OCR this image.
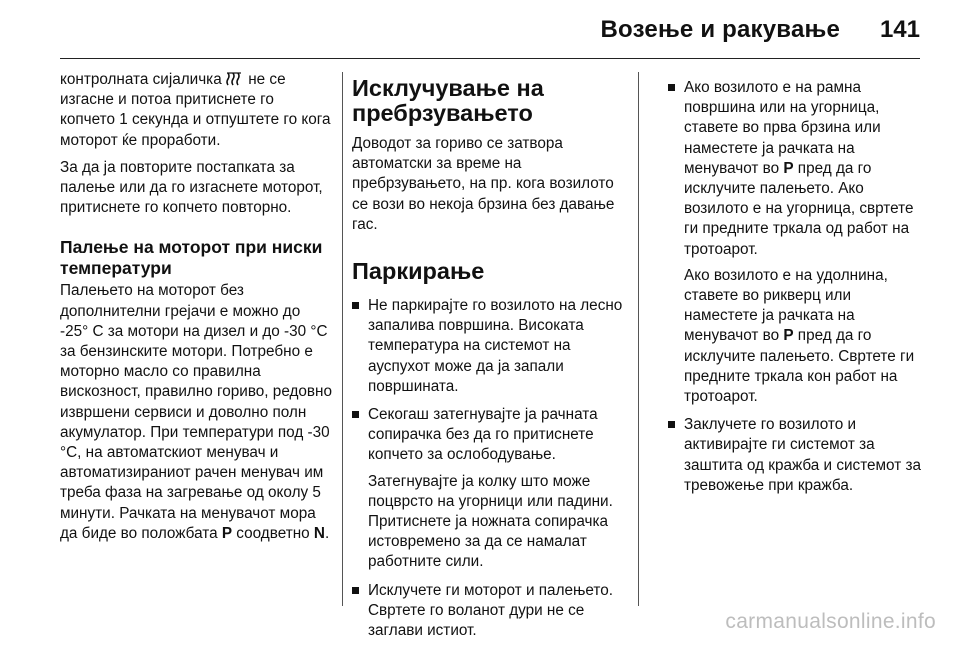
Возење и ракување 141

контролната сијаличка  не се изгасне и потоа притиснете го копчето 1 секунда и отпуштете го кога моторот ќе проработи.

За да ја повторите постапката за палење или да го изгаснете моторот, притиснете го копчето повторно.

Палење на моторот при ниски температури

Палењето на моторот без дополнителни грејачи е можно до -25° C за мотори на дизел и до -30 °C за бензинските мотори. Потребно е моторно масло со правилна вискозност, правилно гориво, редовно извршени сервиси и доволно полн акумулатор. При температури под -30 °C, на автоматскиот менувач и автоматизираниот рачен менувач им треба фаза на загревање од околу 5 минути. Рачката на менувачот мора да биде во положбата P соодветно N.

Исклучување на пребрзувањето

Доводот за гориво се затвора автоматски за време на пребрзувањето, на пр. кога возилото се вози во некоја брзина без давање гас.

Паркирање

Не паркирајте го возилото на лесно запалива површина. Високата температура на системот на ауспухот може да ја запали површината.

Секогаш затегнувајте ја рачната сопирачка без да го притиснете копчето за ослободување.

Затегнувајте ја колку што може поцврсто на угорници или падини. Притиснете ја ножната сопирачка истовремено за да се намалат работните сили.

Исклучете ги моторот и палењето. Свртете го воланот дури не се заглави истиот.

Ако возилото е на рамна површина или на угорница, ставете во прва брзина или наместете ја рачката на менувачот во P пред да го исклучите палењето. Ако возилото е на угорница, свртете ги предните тркала од работ на тротоарот.

Ако возилото е на удолнина, ставете во рикверц или наместете ја рачката на менувачот во P пред да го исклучите палењето. Свртете ги предните тркала кон работ на тротоарот.

Заклучете го возилото и активирајте ги системот за заштита од кражба и системот за тревожење при кражба.

carmanualsonline.info
